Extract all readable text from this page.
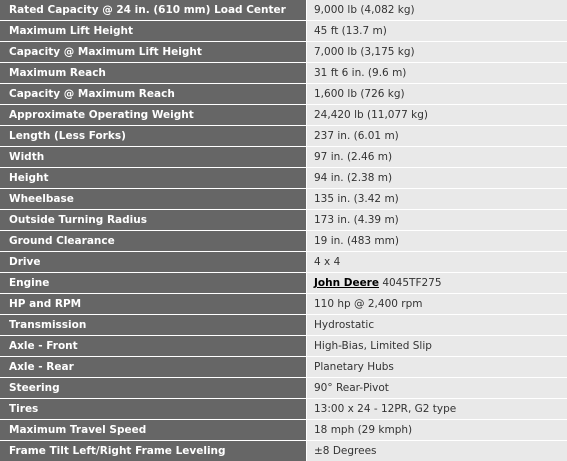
Rated Capacity @ 24 in. (610 mm) Load Center	9,000 lb (4,082 kg)
Maximum Lift Height	45 ft (13.7 m)
Capacity @ Maximum Lift Height	7,000 lb (3,175 kg)
Maximum Reach	31 ft 6 in. (9.6 m)
Capacity @ Maximum Reach	1,600 lb (726 kg)
Approximate Operating Weight	24,420 lb (11,077 kg)
Length (Less Forks)	237 in. (6.01 m)
Width	97 in. (2.46 m)
Height	94 in. (2.38 m)
Wheelbase	135 in. (3.42 m)
Outside Turning Radius	173 in. (4.39 m)
Ground Clearance	19 in. (483 mm)
Drive	4 x 4
Engine	John Deere 4045TF275
HP and RPM	110 hp @ 2,400 rpm
Transmission	Hydrostatic
Axle - Front	High-Bias, Limited Slip
Axle - Rear	Planetary Hubs
Steering	90° Rear-Pivot
Tires	13:00 x 24 - 12PR, G2 type
Maximum Travel Speed	18 mph (29 kmph)
Frame Tilt Left/Right Frame Leveling	±8 Degrees
